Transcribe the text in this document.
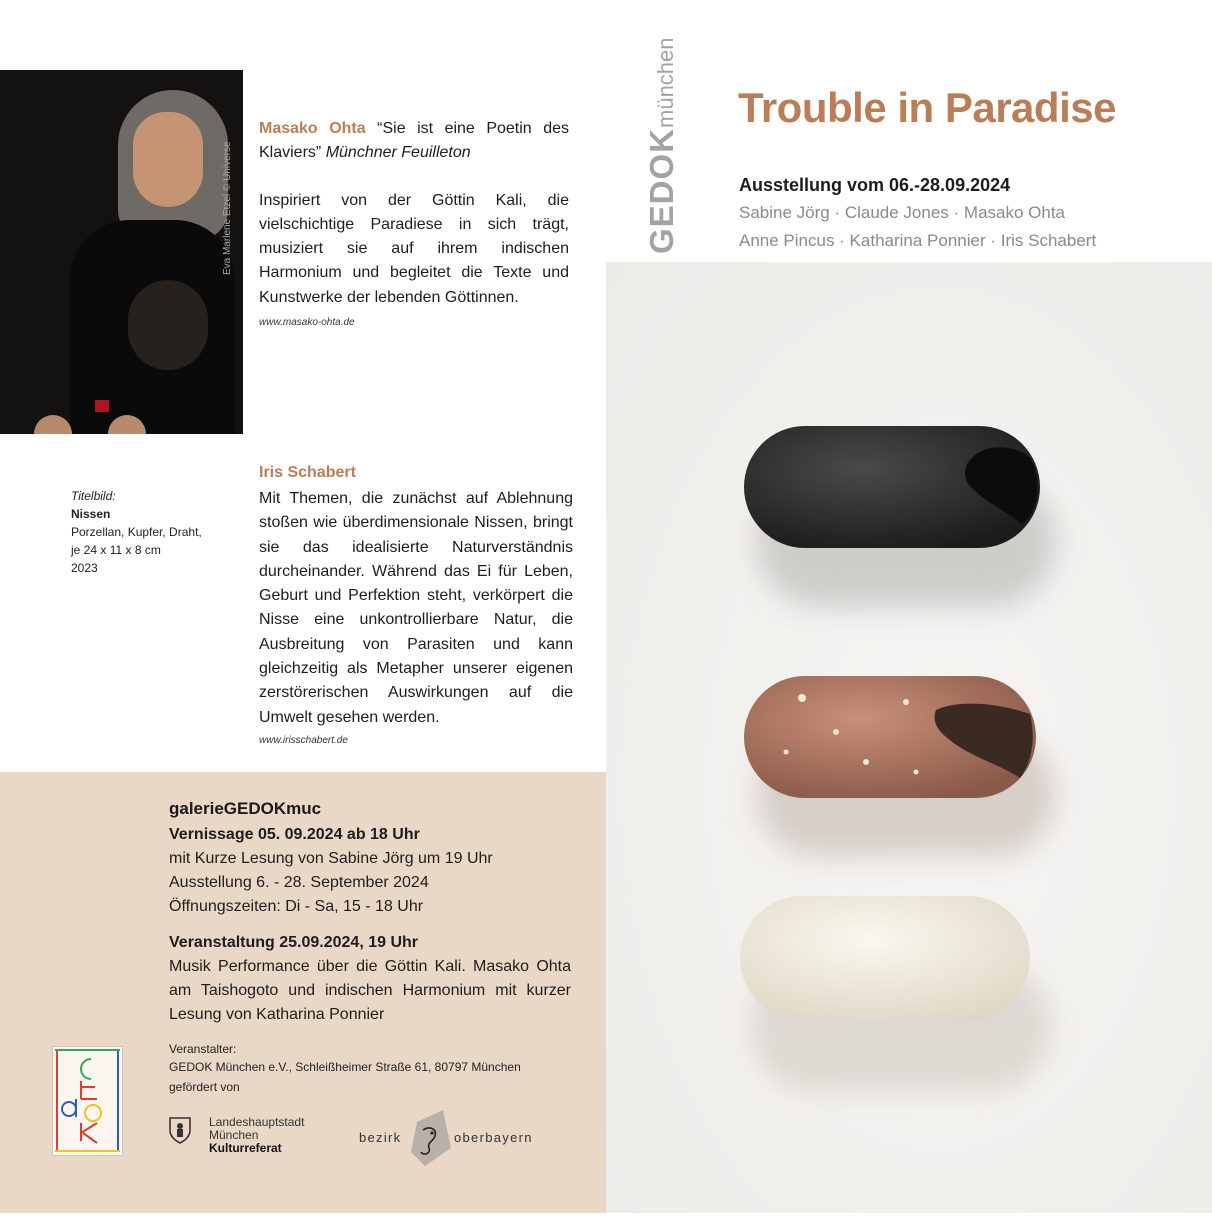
Eva Marlene Etzel © Universe
Masako Ohta “Sie ist eine Poetin des Klaviers” Münchner Feuilleton
Inspiriert von der Göttin Kali, die vielschichtige Paradiese in sich trägt, musiziert sie auf ihrem indischen Harmonium und begleitet die Texte und Kunstwerke der lebenden Göttinnen.
www.masako-ohta.de
Titelbild:
Nissen
Porzellan, Kupfer, Draht,
je 24 x 11 x 8 cm
2023
Iris Schabert
Mit Themen, die zunächst auf Ablehnung stoßen wie überdimensionale Nissen, bringt sie das idealisierte Naturverständnis durcheinander. Während das Ei für Leben, Geburt und Perfektion steht, verkörpert die Nisse eine unkontrollierbare Natur, die Ausbreitung von Parasiten und kann gleichzeitig als Metapher unserer eigenen zerstörerischen Auswirkungen auf die Umwelt gesehen werden.
www.irisschabert.de
galerieGEDOKmuc
Vernissage 05. 09.2024 ab 18 Uhr
mit Kurze Lesung von Sabine Jörg um 19 Uhr
Ausstellung 6. - 28. September 2024
Öffnungszeiten: Di - Sa, 15 - 18 Uhr
Veranstaltung 25.09.2024, 19 Uhr
Musik Performance über die Göttin Kali. Masako Ohta am Taishogoto und indischen Harmonium mit kurzer Lesung von Katharina Ponnier
Veranstalter:
GEDOK München e.V., Schleißheimer Straße 61, 80797 München
gefördert von
Landeshauptstadt
München
Kulturreferat
bezirk	oberbayern
GEDOKmünchen Trouble in Paradise
Ausstellung vom 06.-28.09.2024
Sabine Jörg · Claude Jones · Masako Ohta
Anne Pincus · Katharina Ponnier · Iris Schabert
